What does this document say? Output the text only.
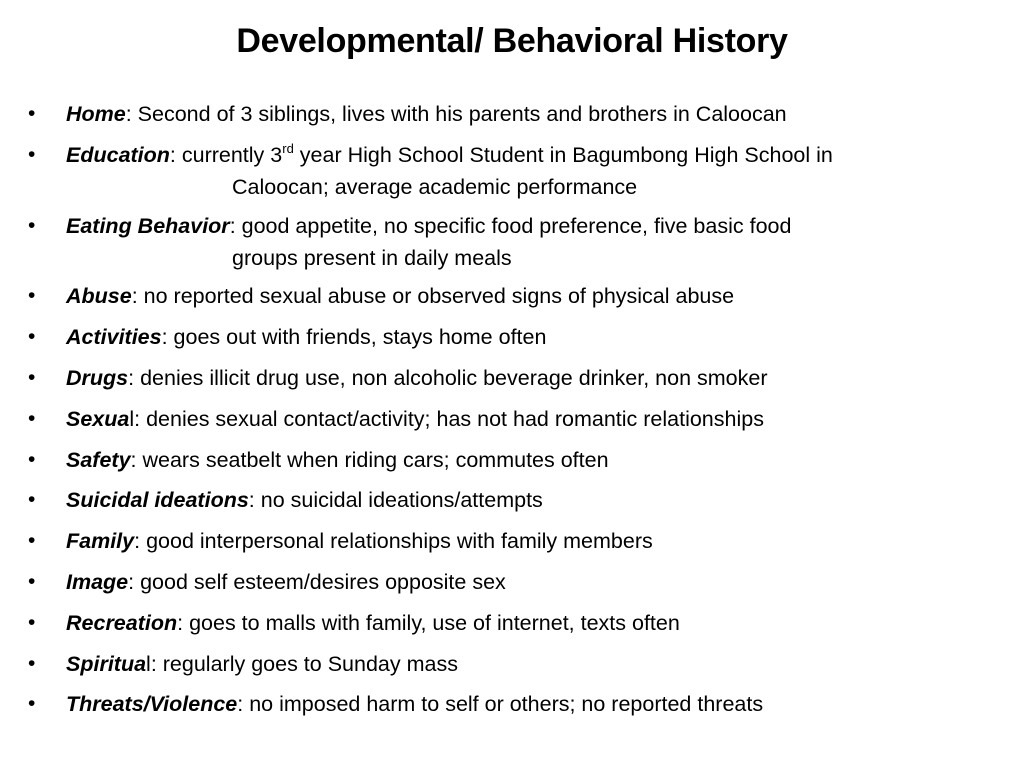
Developmental/ Behavioral History
• Home: Second of 3 siblings, lives with his parents and brothers in Caloocan
• Education: currently 3rd year High School Student in Bagumbong High School in
Caloocan; average academic performance
• Eating Behavior: good appetite, no specific food preference, five basic food
groups present in daily meals
• Abuse: no reported sexual abuse or observed signs of physical abuse
• Activities: goes out with friends, stays home often
• Drugs: denies illicit drug use, non alcoholic beverage drinker, non smoker
• Sexual: denies sexual contact/activity; has not had romantic relationships
• Safety: wears seatbelt when riding cars; commutes often
• Suicidal ideations: no suicidal ideations/attempts
• Family: good interpersonal relationships with family members
• Image: good self esteem/desires opposite sex
• Recreation: goes to malls with family, use of internet, texts often
• Spiritual: regularly goes to Sunday mass
• Threats/Violence: no imposed harm to self or others; no reported threats
